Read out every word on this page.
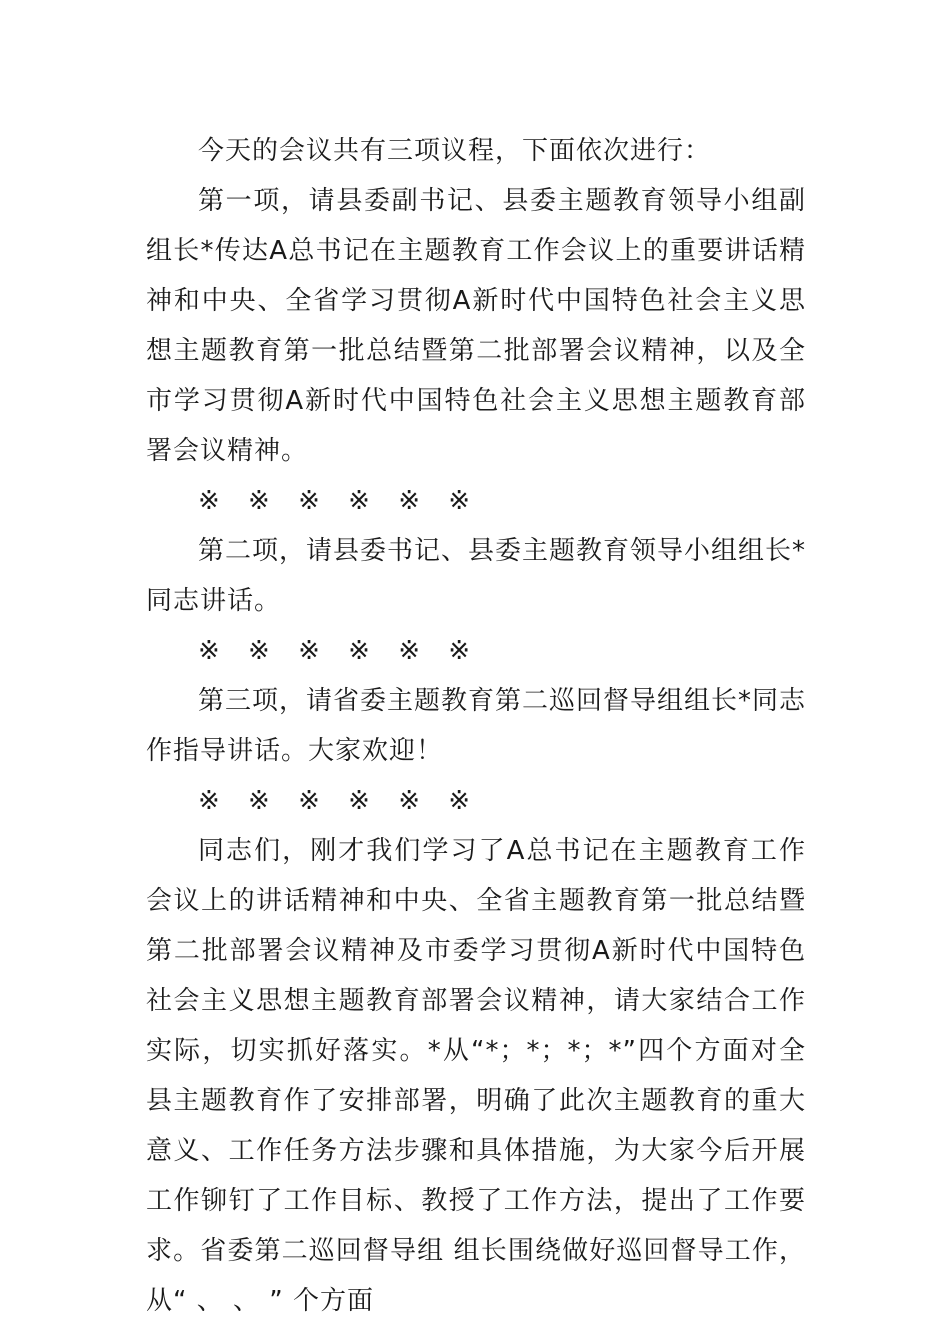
今天的会议共有三项议程，下面依次进行：

第一项，请县委副书记、县委主题教育领导小组副组长*传达A总书记在主题教育工作会议上的重要讲话精神和中央、全省学习贯彻A新时代中国特色社会主义思想主题教育第一批总结暨第二批部署会议精神，以及全市学习贯彻A新时代中国特色社会主义思想主题教育部署会议精神。

※ ※ ※ ※ ※ ※

第二项，请县委书记、县委主题教育领导小组组长*同志讲话。

※ ※ ※ ※ ※ ※

第三项，请省委主题教育第二巡回督导组组长*同志作指导讲话。大家欢迎！

※ ※ ※ ※ ※ ※

同志们，刚才我们学习了A总书记在主题教育工作会议上的讲话精神和中央、全省主题教育第一批总结暨第二批部署会议精神及市委学习贯彻A新时代中国特色社会主义思想主题教育部署会议精神，请大家结合工作实际，切实抓好落实。*从“*；*；*；*”四个方面对全县主题教育作了安排部署，明确了此次主题教育的重大意义、工作任务方法步骤和具体措施，为大家今后开展工作铆钉了工作目标、教授了工作方法，提出了工作要求。省委第二巡回督导组 组长围绕做好巡回督导工作，从“ 、 、 ” 个方面
